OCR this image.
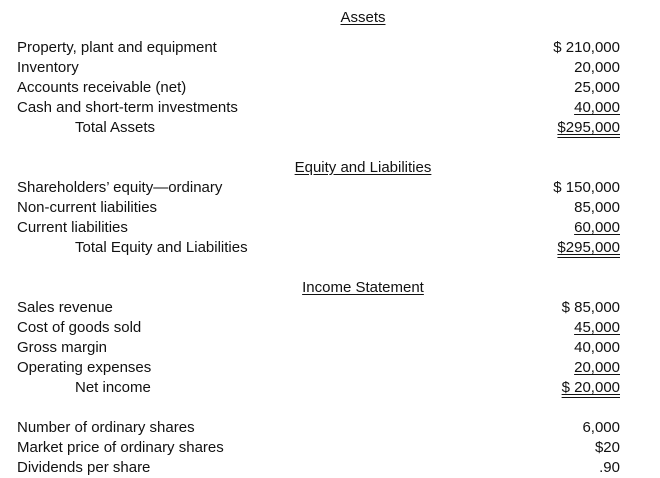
Assets
Property, plant and equipment	$ 210,000
Inventory	20,000
Accounts receivable (net)	25,000
Cash and short-term investments	40,000
Total Assets	$295,000
Equity and Liabilities
Shareholders’ equity—ordinary	$ 150,000
Non-current liabilities	85,000
Current liabilities	60,000
Total Equity and Liabilities	$295,000
Income Statement
Sales revenue	$ 85,000
Cost of goods sold	45,000
Gross margin	40,000
Operating expenses	20,000
Net income	$ 20,000
Number of ordinary shares	6,000
Market price of ordinary shares	$20
Dividends per share	.90
